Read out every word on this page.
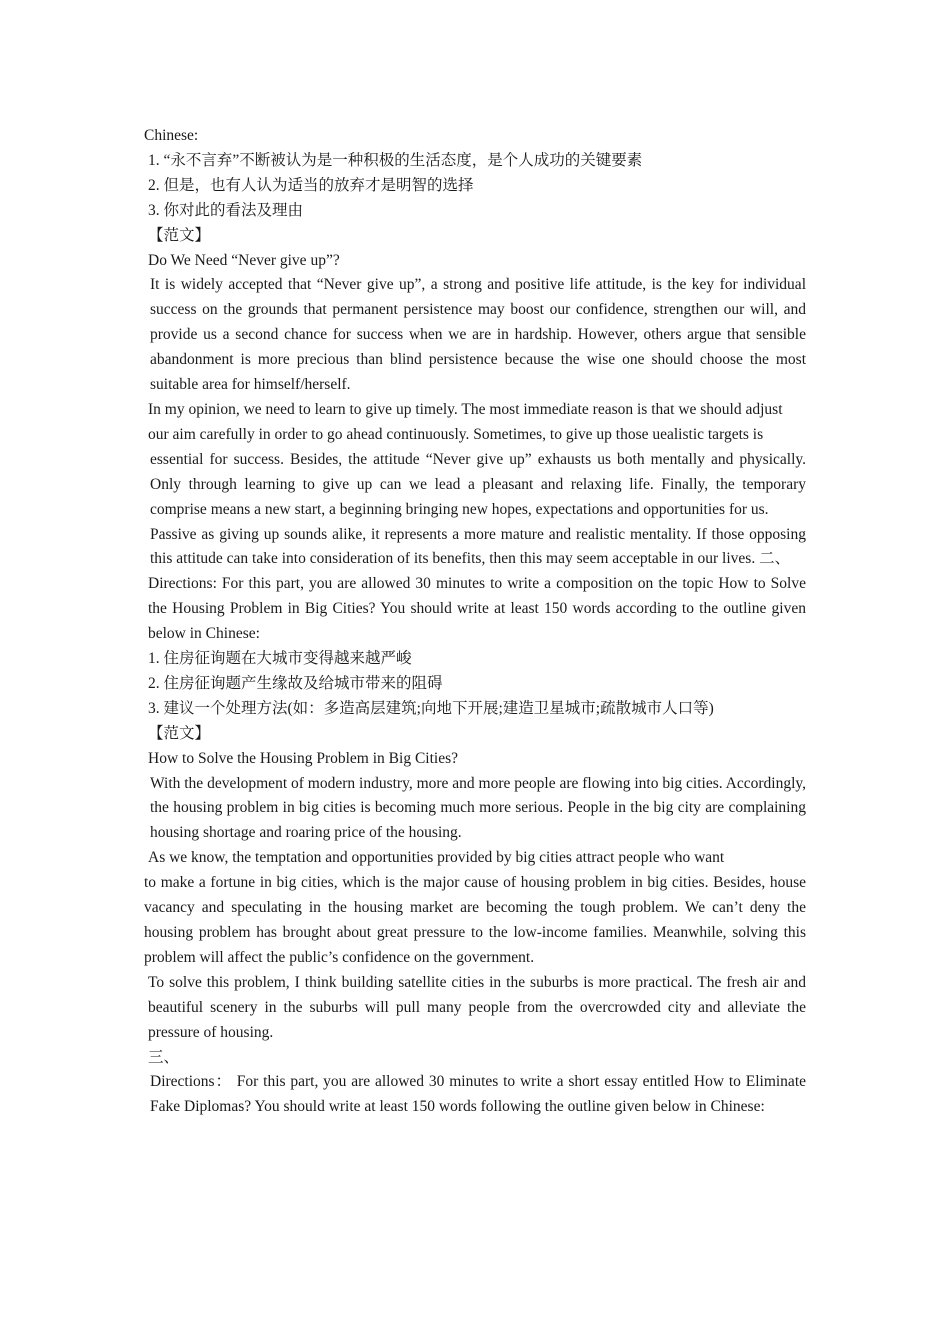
Chinese:
1. “永不言弃”不断被认为是一种积极的生活态度，是个人成功的关键要素
2. 但是，也有人认为适当的放弃才是明智的选择
3. 你对此的看法及理由
【范文】
Do We Need “Never give up”?
It is widely accepted that “Never give up”, a strong and positive life attitude, is the key for individual success on the grounds that permanent persistence may boost our confidence, strengthen our will, and provide us a second chance for success when we are in hardship. However, others argue that sensible abandonment is more precious than blind persistence because the wise one should choose the most suitable area for himself/herself.
In my opinion, we need to learn to give up timely. The most immediate reason is that we should adjust our aim carefully in order to go ahead continuously. Sometimes, to give up those uealistic targets is
essential for success. Besides, the attitude “Never give up” exhausts us both mentally and physically. Only through learning to give up can we lead a pleasant and relaxing life. Finally, the temporary comprise means a new start, a beginning bringing new hopes, expectations and opportunities for us.
Passive as giving up sounds alike, it represents a more mature and realistic mentality. If those opposing this attitude can take into consideration of its benefits, then this may seem acceptable in our lives. 二、
Directions: For this part, you are allowed 30 minutes to write a composition on the topic How to Solve the Housing Problem in Big Cities? You should write at least 150 words according to the outline given below in Chinese:
1. 住房征询题在大城市变得越来越严峻
2. 住房征询题产生缘故及给城市带来的阻碍
3. 建议一个处理方法(如：多造高层建筑;向地下开展;建造卫星城市;疏散城市人口等)
【范文】
How to Solve the Housing Problem in Big Cities?
With the development of modern industry, more and more people are flowing into big cities. Accordingly, the housing problem in big cities is becoming much more serious. People in the big city are complaining housing shortage and roaring price of the housing.
As we know, the temptation and opportunities provided by big cities attract people who want
to make a fortune in big cities, which is the major cause of housing problem in big cities. Besides, house vacancy and speculating in the housing market are becoming the tough problem. We can’t deny the housing problem has brought about great pressure to the low-income families. Meanwhile, solving this problem will affect the public’s confidence on the government.
To solve this problem, I think building satellite cities in the suburbs is more practical. The fresh air and beautiful scenery in the suburbs will pull many people from the overcrowded city and alleviate the pressure of housing.
三、
Directions： For this part, you are allowed 30 minutes to write a short essay entitled How to Eliminate Fake Diplomas? You should write at least 150 words following the outline given below in Chinese:
